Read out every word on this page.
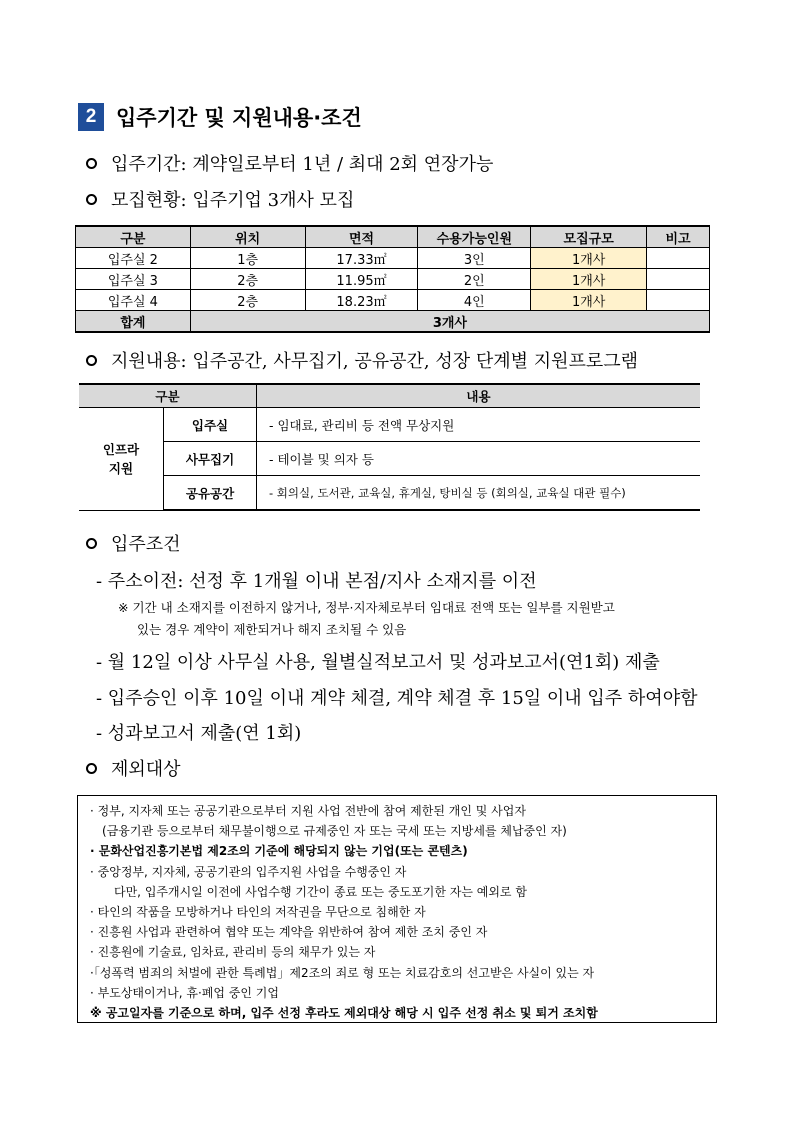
2 입주기간 및 지원내용·조건
입주기간: 계약일로부터 1년 / 최대 2회 연장가능
모집현황: 입주기업 3개사 모집
구분	위치	면적	수용가능인원	모집규모	비고
입주실 2	1층	17.33㎡	3인	1개사	
입주실 3	2층	11.95㎡	2인	1개사	
입주실 4	2층	18.23㎡	4인	1개사	
합계	3개사				
지원내용: 입주공간, 사무집기, 공유공간, 성장 단계별 지원프로그램
구분		내용
인프라
지원	입주실	- 임대료, 관리비 등 전액 무상지원
	사무집기	- 테이블 및 의자 등
	공유공간	- 회의실, 도서관, 교육실, 휴게실, 탕비실 등 (회의실, 교육실 대관 필수)
입주조건
- 주소이전: 선정 후 1개월 이내 본점/지사 소재지를 이전
※ 기간 내 소재지를 이전하지 않거나, 정부·지자체로부터 임대료 전액 또는 일부를 지원받고
있는 경우 계약이 제한되거나 해지 조치될 수 있음
- 월 12일 이상 사무실 사용, 월별실적보고서 및 성과보고서(연1회) 제출
- 입주승인 이후 10일 이내 계약 체결, 계약 체결 후 15일 이내 입주 하여야함
- 성과보고서 제출(연 1회)
제외대상
· 정부, 지자체 또는 공공기관으로부터 지원 사업 전반에 참여 제한된 개인 및 사업자
(금융기관 등으로부터 채무불이행으로 규제중인 자 또는 국세 또는 지방세를 체납중인 자)
· 문화산업진흥기본법 제2조의 기준에 해당되지 않는 기업(또는 콘텐츠)
· 중앙정부, 지자체, 공공기관의 입주지원 사업을 수행중인 자
다만, 입주개시일 이전에 사업수행 기간이 종료 또는 중도포기한 자는 예외로 함
· 타인의 작품을 모방하거나 타인의 저작권을 무단으로 침해한 자
· 진흥원 사업과 관련하여 협약 또는 계약을 위반하여 참여 제한 조치 중인 자
· 진흥원에 기술료, 임차료, 관리비 등의 채무가 있는 자
·「성폭력 범죄의 처벌에 관한 특례법」제2조의 죄로 형 또는 치료감호의 선고받은 사실이 있는 자
· 부도상태이거나, 휴·폐업 중인 기업
※ 공고일자를 기준으로 하며, 입주 선정 후라도 제외대상 해당 시 입주 선정 취소 및 퇴거 조치함
